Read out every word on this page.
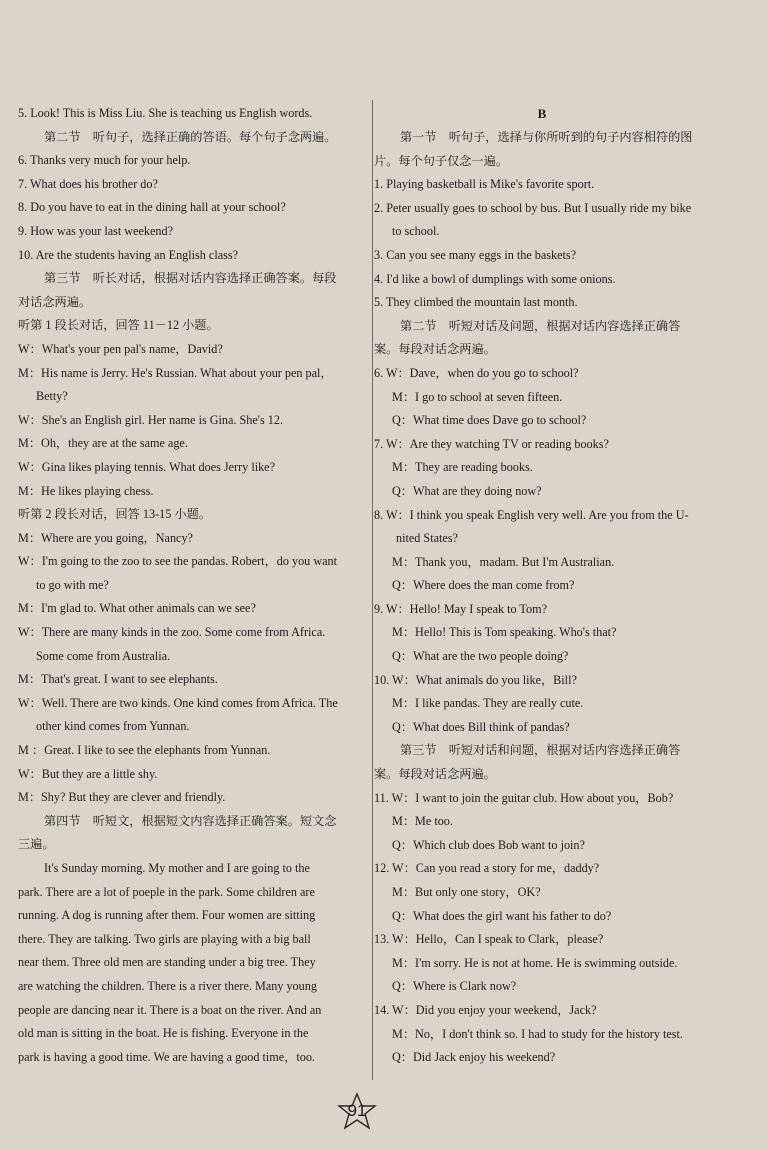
5. Look! This is Miss Liu. She is teaching us English words.
第二节　听句子，选择正确的答语。每个句子念两遍。
6. Thanks very much for your help.
7. What does his brother do?
8. Do you have to eat in the dining hall at your school?
9. How was your last weekend?
10. Are the students having an English class?
第三节　听长对话，根据对话内容选择正确答案。每段
对话念两遍。
听第 1 段长对话，回答 11－12 小题。
W：What's your pen pal's name，David?
M：His name is Jerry. He's Russian. What about your pen pal，
Betty?
W：She's an English girl. Her name is Gina. She's 12.
M：Oh，they are at the same age.
W：Gina likes playing tennis. What does Jerry like?
M：He likes playing chess.
听第 2 段长对话，回答 13-15 小题。
M：Where are you going，Nancy?
W：I'm going to the zoo to see the pandas. Robert，do you want
to go with me?
M：I'm glad to. What other animals can we see?
W：There are many kinds in the zoo. Some come from Africa.
Some come from Australia.
M：That's great. I want to see elephants.
W：Well. There are two kinds. One kind comes from Africa. The
other kind comes from Yunnan.
M ：Great. I like to see the elephants from Yunnan.
W：But they are a little shy.
M：Shy? But they are clever and friendly.
第四节　听短文，根据短文内容选择正确答案。短文念
三遍。
It's Sunday morning. My mother and I are going to the
park. There are a lot of poeple in the park. Some children are
running. A dog is running after them. Four women are sitting
there. They are talking. Two girls are playing with a big ball
near them. Three old men are standing under a big tree. They
are watching the children. There is a river there. Many young
people are dancing near it. There is a boat on the river. And an
old man is sitting in the boat. He is fishing. Everyone in the
park is having a good time. We are having a good time，too.
B
第一节　听句子，选择与你所听到的句子内容相符的图
片。每个句子仅念一遍。
1. Playing basketball is Mike's favorite sport.
2. Peter usually goes to school by bus. But I usually ride my bike
to school.
3. Can you see many eggs in the baskets?
4. I'd like a bowl of dumplings with some onions.
5. They climbed the mountain last month.
第二节　听短对话及问题，根据对话内容选择正确答
案。每段对话念两遍。
6. W：Dave，when do you go to school?
M：I go to school at seven fifteen.
Q：What time does Dave go to school?
7. W：Are they watching TV or reading books?
M：They are reading books.
Q：What are they doing now?
8. W：I think you speak English very well. Are you from the U-
nited States?
M：Thank you，madam. But I'm Australian.
Q：Where does the man come from?
9. W：Hello! May I speak to Tom?
M：Hello! This is Tom speaking. Who's that?
Q：What are the two people doing?
10. W：What animals do you like，Bill?
M：I like pandas. They are really cute.
Q：What does Bill think of pandas?
第三节　听短对话和问题，根据对话内容选择正确答
案。每段对话念两遍。
11. W：I want to join the guitar club. How about you，Bob?
M：Me too.
Q：Which club does Bob want to join?
12. W：Can you read a story for me，daddy?
M：But only one story，OK?
Q：What does the girl want his father to do?
13. W：Hello，Can I speak to Clark，please?
M：I'm sorry. He is not at home. He is swimming outside.
Q：Where is Clark now?
14. W：Did you enjoy your weekend，Jack?
M：No，I don't think so. I had to study for the history test.
Q：Did Jack enjoy his weekend?
91
